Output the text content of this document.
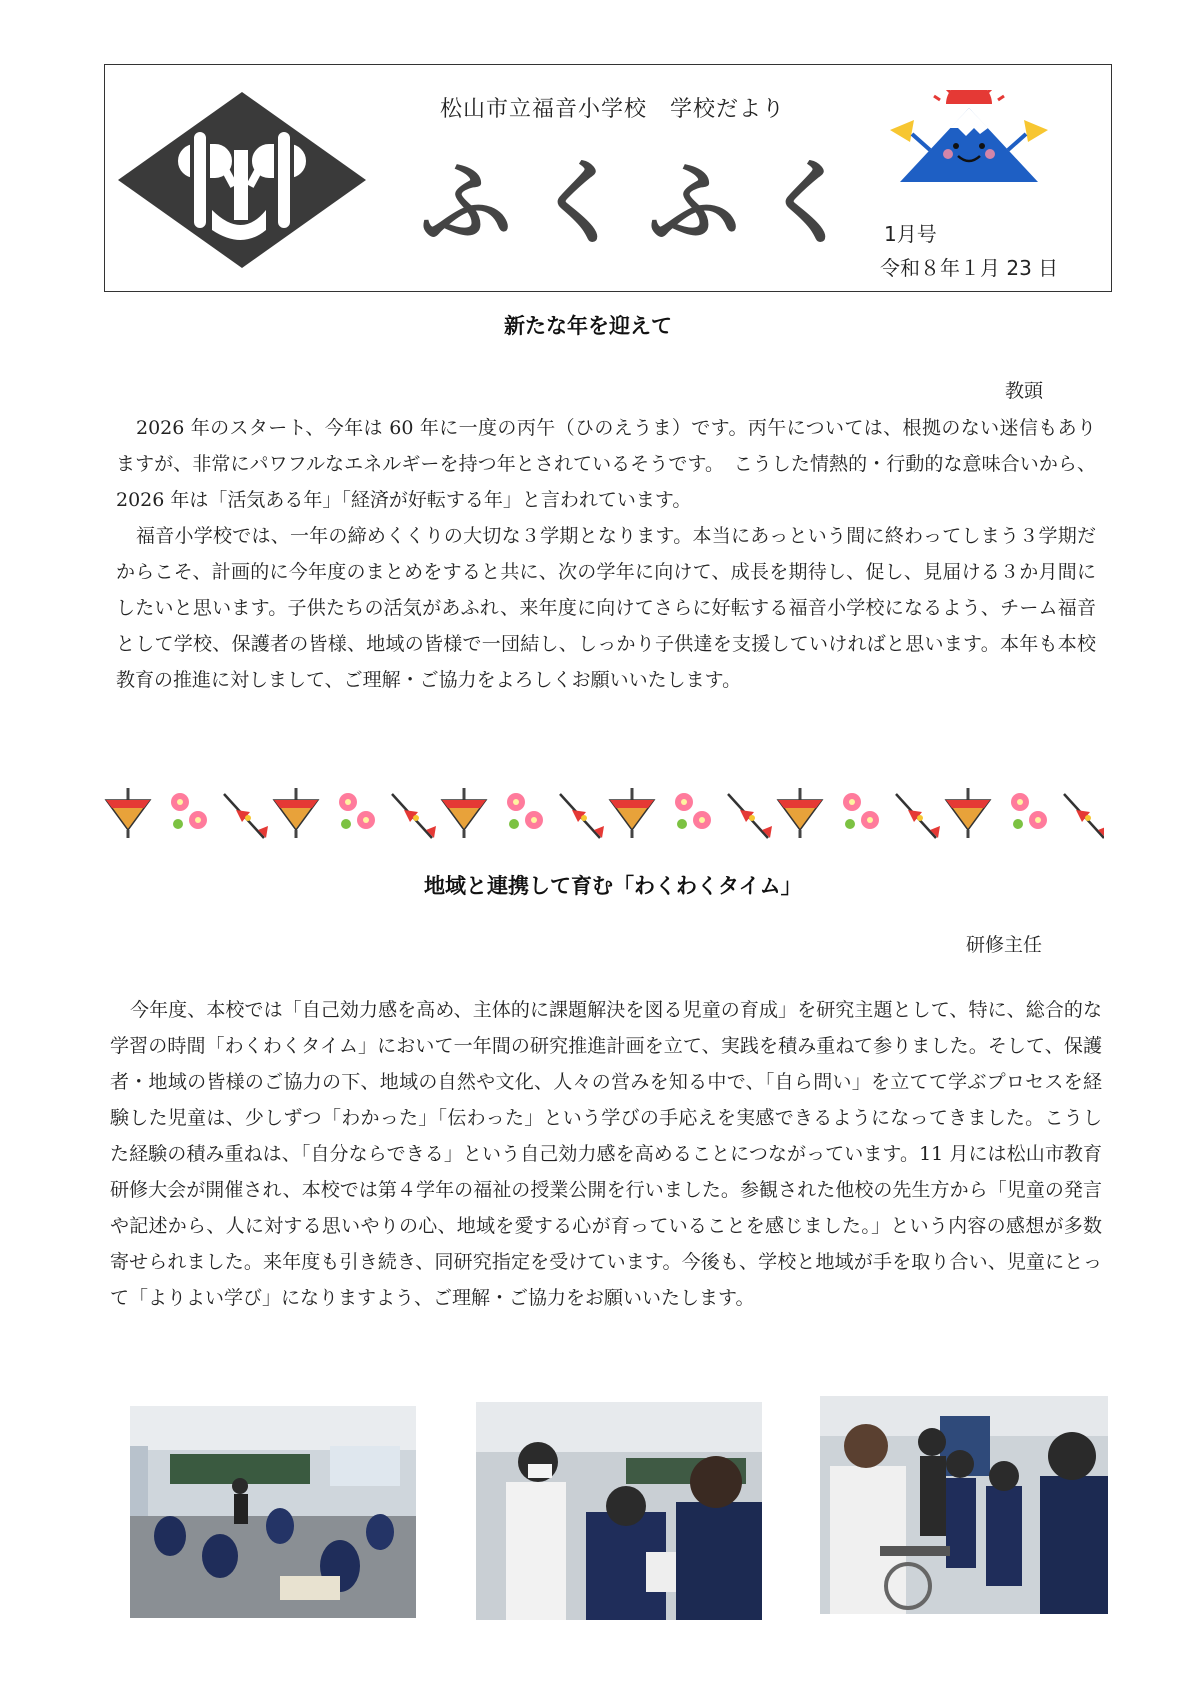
松山市立福音小学校　学校だより
ふくふく 1月号
令和８年１月 23 日
新たな年を迎えて
教頭

2026 年のスタート、今年は 60 年に一度の丙午（ひのえうま）です。丙午については、根拠のない迷信もありますが、非常にパワフルなエネルギーを持つ年とされているそうです。　こうした情熱的・行動的な意味合いから、2026 年は「活気ある年」「経済が好転する年」と言われています。

福音小学校では、一年の締めくくりの大切な３学期となります。本当にあっという間に終わってしまう３学期だからこそ、計画的に今年度のまとめをすると共に、次の学年に向けて、成長を期待し、促し、見届ける３か月間にしたいと思います。子供たちの活気があふれ、来年度に向けてさらに好転する福音小学校になるよう、チーム福音として学校、保護者の皆様、地域の皆様で一団結し、しっかり子供達を支援していければと思います。本年も本校教育の推進に対しまして、ご理解・ご協力をよろしくお願いいたします。

地域と連携して育む「わくわくタイム」
研修主任

今年度、本校では「自己効力感を高め、主体的に課題解決を図る児童の育成」を研究主題として、特に、総合的な学習の時間「わくわくタイム」において一年間の研究推進計画を立て、実践を積み重ねて参りました。そして、保護者・地域の皆様のご協力の下、地域の自然や文化、人々の営みを知る中で、「自ら問い」を立てて学ぶプロセスを経験した児童は、少しずつ「わかった」「伝わった」という学びの手応えを実感できるようになってきました。こうした経験の積み重ねは、「自分ならできる」という自己効力感を高めることにつながっています。11 月には松山市教育研修大会が開催され、本校では第４学年の福祉の授業公開を行いました。参観された他校の先生方から「児童の発言や記述から、人に対する思いやりの心、地域を愛する心が育っていることを感じました。」という内容の感想が多数寄せられました。来年度も引き続き、同研究指定を受けています。今後も、学校と地域が手を取り合い、児童にとって「よりよい学び」になりますよう、ご理解・ご協力をお願いいたします。
